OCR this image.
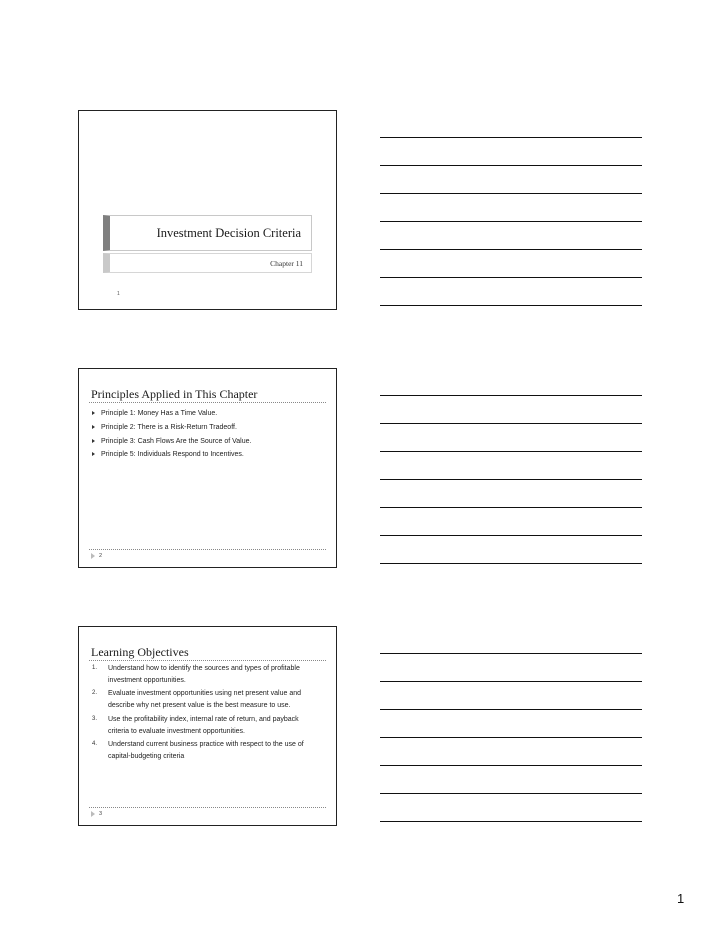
Investment Decision Criteria
Chapter 11
1
Principles Applied in This Chapter
Principle 1: Money Has a Time Value.
Principle 2: There is a Risk-Return Tradeoff.
Principle 3: Cash Flows Are the Source of Value.
Principle 5: Individuals Respond to Incentives.
2
Learning Objectives
1. Understand how to identify the sources and types of profitable investment opportunities.
2. Evaluate investment opportunities using net present value and describe why net present value is the best measure to use.
3. Use the profitability index, internal rate of return, and payback criteria to evaluate investment opportunities.
4. Understand current business practice with respect to the use of capital-budgeting criteria
3
1
